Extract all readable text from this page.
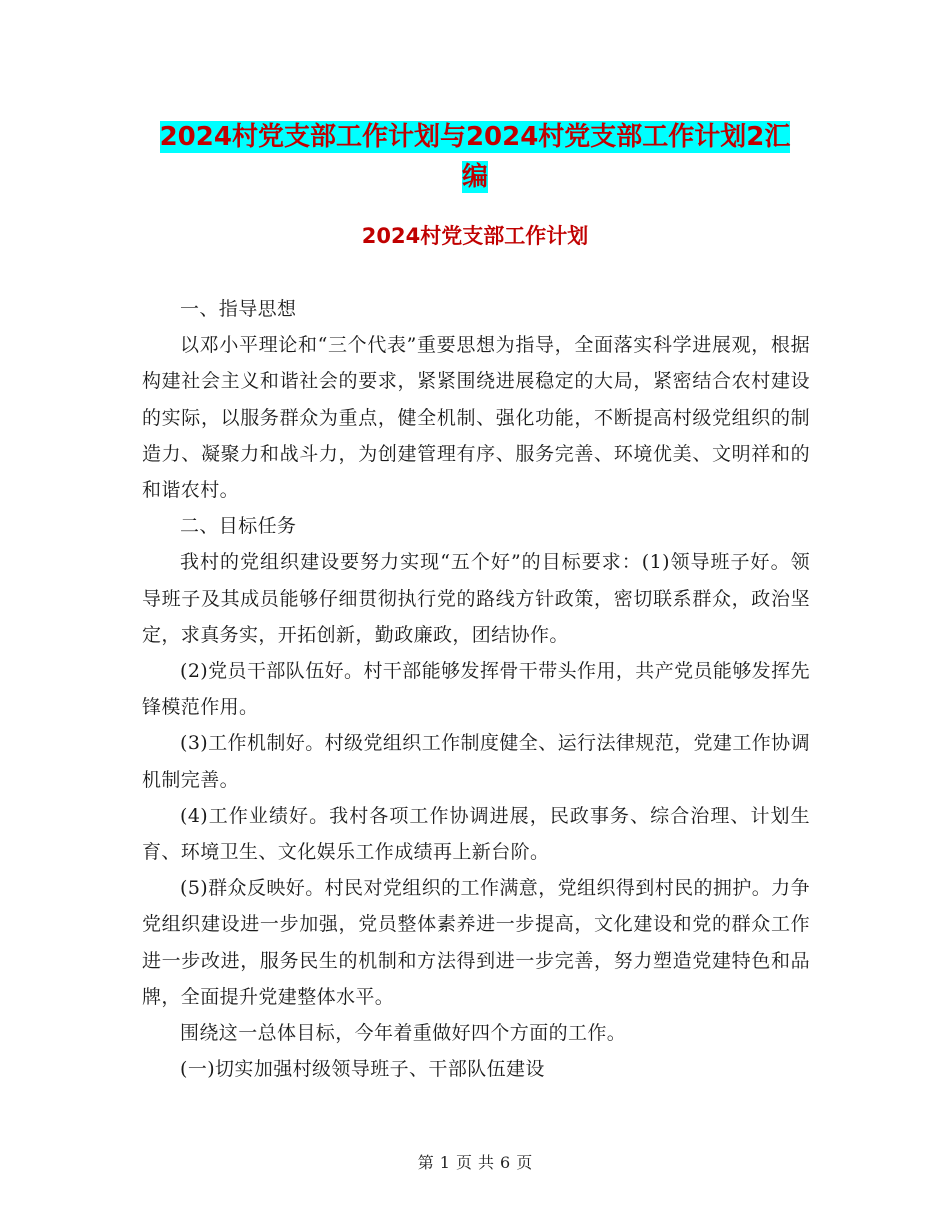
2024村党支部工作计划与2024村党支部工作计划2汇
编
2024村党支部工作计划

一、指导思想

以邓小平理论和“三个代表”重要思想为指导，全面落实科学进展观，根据构建社会主义和谐社会的要求，紧紧围绕进展稳定的大局，紧密结合农村建设的实际，以服务群众为重点，健全机制、强化功能，不断提高村级党组织的制造力、凝聚力和战斗力，为创建管理有序、服务完善、环境优美、文明祥和的和谐农村。

二、目标任务

我村的党组织建设要努力实现“五个好”的目标要求：(1)领导班子好。领导班子及其成员能够仔细贯彻执行党的路线方针政策，密切联系群众，政治坚定，求真务实，开拓创新，勤政廉政，团结协作。

(2)党员干部队伍好。村干部能够发挥骨干带头作用，共产党员能够发挥先锋模范作用。

(3)工作机制好。村级党组织工作制度健全、运行法律规范，党建工作协调机制完善。

(4)工作业绩好。我村各项工作协调进展，民政事务、综合治理、计划生育、环境卫生、文化娱乐工作成绩再上新台阶。

(5)群众反映好。村民对党组织的工作满意，党组织得到村民的拥护。力争党组织建设进一步加强，党员整体素养进一步提高，文化建设和党的群众工作进一步改进，服务民生的机制和方法得到进一步完善，努力塑造党建特色和品牌，全面提升党建整体水平。

围绕这一总体目标，今年着重做好四个方面的工作。

(一)切实加强村级领导班子、干部队伍建设

第 1 页 共 6 页
